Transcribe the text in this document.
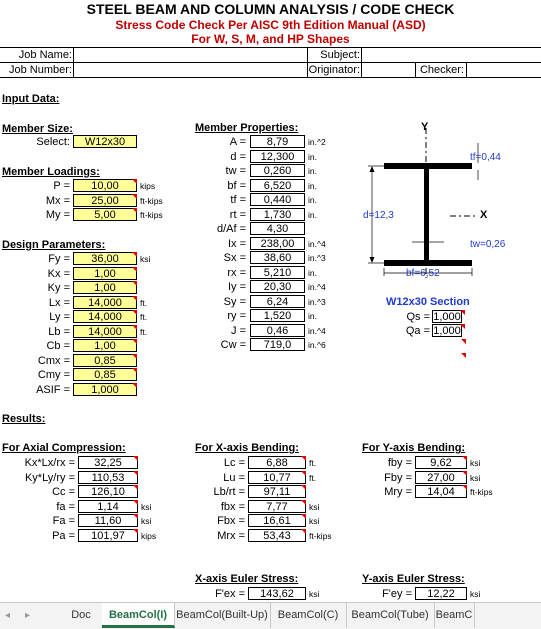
STEEL BEAM AND COLUMN ANALYSIS / CODE CHECK
Stress Code Check Per AISC 9th Edition Manual (ASD)
For W, S, M, and HP Shapes
Job Name:	Subject:
Job Number:	Originator:	Checker:
Input Data:
Member Size:
Select:	W12x30
Member Loadings:
P =	10,00	kips
Mx =	25,00	ft-kips
My =	5,00	ft-kips
Design Parameters:
Fy =	36,00	ksi
Kx =	1,00
Ky =	1,00
Lx =	14,000	ft.
Ly =	14,000	ft.
Lb =	14,000	ft.
Cb =	1,00
Cmx =	0,85
Cmy =	0,85
ASIF =	1,000
Member Properties:
A =	8,79	in.^2
d =	12,300	in.
tw =	0,260	in.
bf =	6,520	in.
tf =	0,440	in.
rt =	1,730	in.
d/Af =	4,30
Ix =	238,00	in.^4
Sx =	38,60	in.^3
rx =	5,210	in.
Iy =	20,30	in.^4
Sy =	6,24	in.^3
ry =	1,520	in.
J =	0,46	in.^4
Cw =	719,0	in.^6
Y
X
tf=0,44
d=12,3
tw=0,26
bf=6,52
W12x30 Section
Qs = 1,000
Qa = 1,000
Results:
For Axial Compression:
Kx*Lx/rx =	32,25
Ky*Ly/ry =	110,53
Cc =	126,10
fa =	1,14	ksi
Fa =	11,60	ksi
Pa =	101,97	kips
For X-axis Bending:
Lc =	6,88	ft.
Lu =	10,77	ft.
Lb/rt =	97,11
fbx =	7,77	ksi
Fbx =	16,61	ksi
Mrx =	53,43	ft-kips
For Y-axis Bending:
fby =	9,62	ksi
Fby =	27,00	ksi
Mry =	14,04	ft-kips
X-axis Euler Stress:
F'ex =	143,62	ksi
Y-axis Euler Stress:
F'ey =	12,22	ksi
◂ ▸	Doc	BeamCol(I) BeamCol(Built-Up) BeamCol(C)	BeamCol(Tube) BeamC
